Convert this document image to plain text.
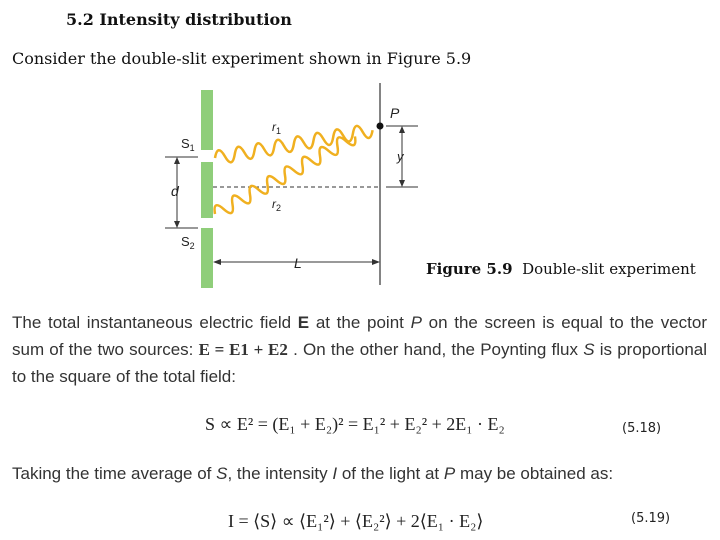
5.2 Intensity distribution
Consider the double-slit experiment shown in Figure 5.9
P
y
d
L
$r_1$
$r_2$
$S_1$
$S_2$
Figure 5.9 Double-slit experiment
The total instantaneous electric field E at the point P on the screen is equal to the vector sum of the two sources: E = E1 + E2 . On the other hand, the Poynting flux S is proportional to the square of the total field:
S ∝ E² = (E₁ + E₂)² = E₁² + E₂² + 2E₁ · E₂	(5.18)
Taking the time average of S, the intensity I of the light at P may be obtained as:
I = ⟨S⟩ ∝ ⟨E₁²⟩ + ⟨E₂²⟩ + 2⟨E₁ · E₂⟩	(5.19)
